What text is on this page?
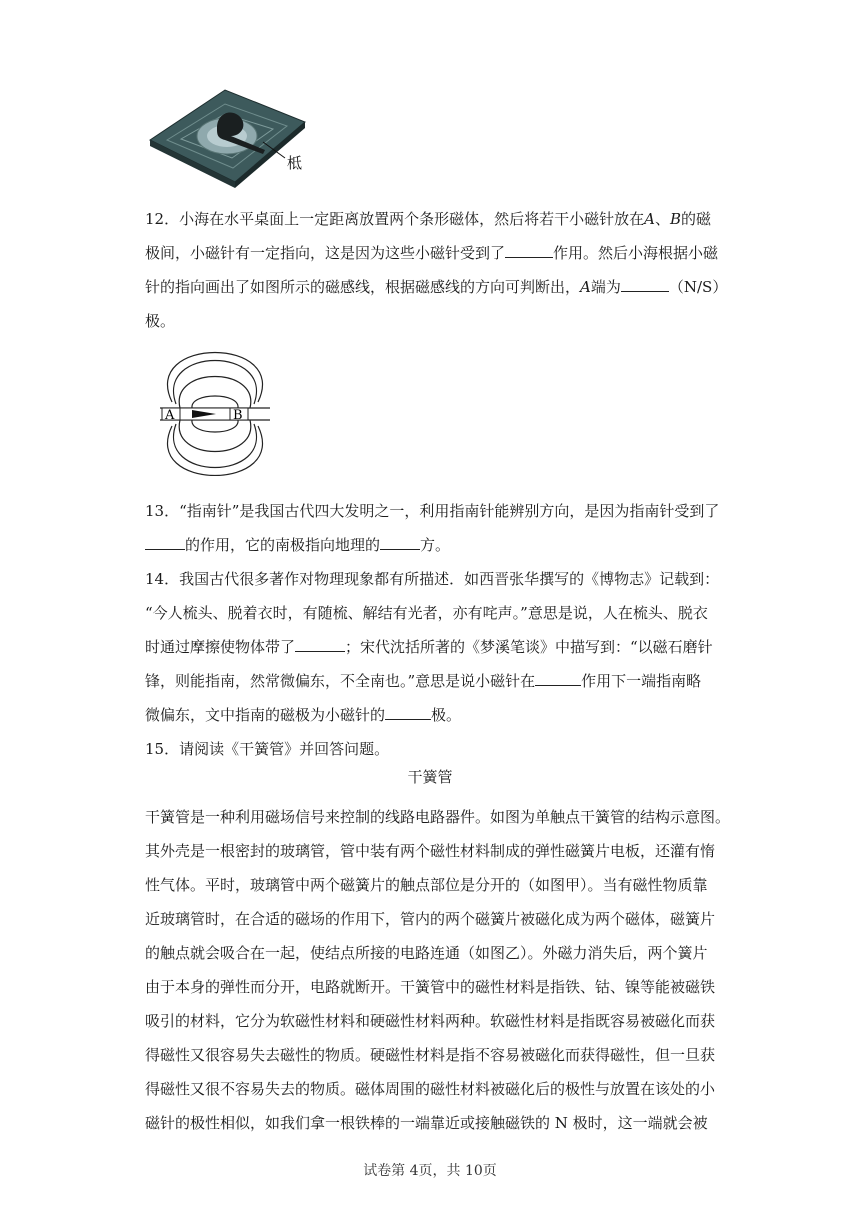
柢
12．小海在水平桌面上一定距离放置两个条形磁体，然后将若干小磁针放在A、B的磁
极间，小磁针有一定指向，这是因为这些小磁针受到了	作用。然后小海根据小磁
针的指向画出了如图所示的磁感线，根据磁感线的方向可判断出，A端为	（N/S）
极。
A	B
13．“指南针”是我国古代四大发明之一，利用指南针能辨别方向，是因为指南针受到了
的作用，它的南极指向地理的	方。
14．我国古代很多著作对物理现象都有所描述．如西晋张华撰写的《博物志》记载到：
“今人梳头、脱着衣时，有随梳、解结有光者，亦有咤声。”意思是说，人在梳头、脱衣
时通过摩擦使物体带了	；宋代沈括所著的《梦溪笔谈》中描写到：“以磁石磨针
锋，则能指南，然常微偏东，不全南也。”意思是说小磁针在	作用下一端指南略
微偏东，文中指南的磁极为小磁针的	极。
15．请阅读《干簧管》并回答问题。
干簧管
干簧管是一种利用磁场信号来控制的线路电路器件。如图为单触点干簧管的结构示意图。
其外壳是一根密封的玻璃管，管中装有两个磁性材料制成的弹性磁簧片电板，还灌有惰
性气体。平时，玻璃管中两个磁簧片的触点部位是分开的（如图甲）。当有磁性物质靠
近玻璃管时，在合适的磁场的作用下，管内的两个磁簧片被磁化成为两个磁体，磁簧片
的触点就会吸合在一起，使结点所接的电路连通（如图乙）。外磁力消失后，两个簧片
由于本身的弹性而分开，电路就断开。干簧管中的磁性材料是指铁、钴、镍等能被磁铁
吸引的材料，它分为软磁性材料和硬磁性材料两种。软磁性材料是指既容易被磁化而获
得磁性又很容易失去磁性的物质。硬磁性材料是指不容易被磁化而获得磁性，但一旦获
得磁性又很不容易失去的物质。磁体周围的磁性材料被磁化后的极性与放置在该处的小
磁针的极性相似，如我们拿一根铁棒的一端靠近或接触磁铁的 N 极时，这一端就会被
试卷第 4页，共 10页
